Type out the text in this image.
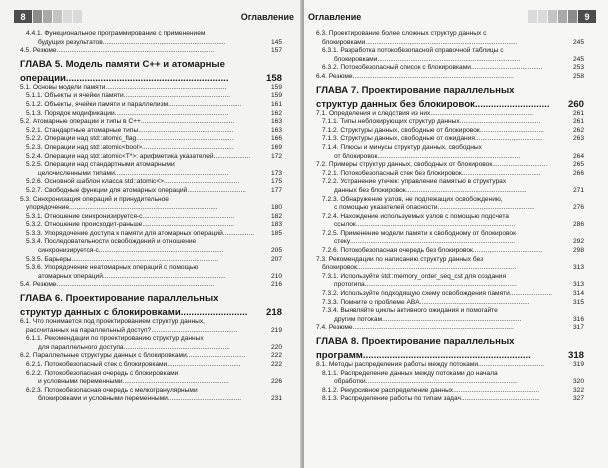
8	Оглавление
4.4.1. Функциональное программирование с применением
будущих результатов...................................................................	145
4.5. Резюме......................................................................................	157
ГЛАВА 5. Модель памяти С++ и атомарные
операции.............................................................	158
5.1. Основы модели памяти..................................................................	159
5.1.1. Объекты и ячейки памяти..........................................................	159
5.1.2. Объекты, ячейки памяти и параллелизм........................................	161
5.1.3. Порядок модификации..............................................................	162
5.2. Атомарные операции и типы в С++...................................................	163
5.2.1. Стандартные атомарные типы....................................................	163
5.2.2. Операции над std::atomic_flag.....................................................	166
5.2.3. Операции над std::atomic<bool>..................................................	169
5.2.4. Операции над std::atomic<T*>: арифметика указателей....................	172
5.2.5. Операции над стандартными атомарными
целочисленными типами..............................................................	173
5.2.6. Основной шаблон класса std::atomic<>.........................................	175
5.2.7. Свободные функции для атомарных операций................................	177
5.3. Синхронизация операций и принудительное
упорядочение.................................................................................	180
5.3.1. Отношение синхронизируется-с..................................................	182
5.3.2. Отношение происходит-раньше..................................................	183
5.3.3. Упорядочение доступа к памяти для атомарных операций.................	185
5.3.4. Последовательности освобождений и отношение
синхронизируется-с....................................................................	205
5.3.5. Барьеры................................................................................	207
5.3.6. Упорядочение неатомарных операций с помощью
атомарных операций...................................................................	210
5.4. Резюме......................................................................................	216
ГЛАВА 6. Проектирование параллельных
структур данных с блокировками......................... 218
6.1. Что понимается под проектированием структур данных,
рассчитанных на параллельный доступ?...............................................	219
6.1.1. Рекомендации по проектированию структур данных
для параллельного доступа..........................................................	220
6.2. Параллельные структуры данных с блокировками................................	222
6.2.1. Потокобезопасный стек с блокировками........................................	222
6.2.2. Потокобезопасная очередь с блокировками
и условными переменными..........................................................	226
6.2.3. Потокобезопасная очередь с мелкогранулярными
блокировками и условными переменными........................................	231
Оглавление	9
6.3. Проектирование более сложных структур данных с
блокировками...................................................................................	245
6.3.1. Разработка потокобезопасной справочной таблицы с
блокировками..............................................................................	245
6.3.2. Потокобезопасный список с блокировками.......................................	253
6.4. Резюме........................................................................................	258
ГЛАВА 7. Проектирование параллельных
структур данных без блокировок............................ 260
7.1. Определения и следствия из них........................................................	261
7.1.1. Типы неблокирующих структур данных............................................	261
7.1.2. Структуры данных, свободные от блокировок...................................	262
7.1.3. Структуры данных, свободные от ожидания.....................................	263
7.1.4. Плюсы и минусы структур данных, свободных
от блокировок..............................................................................	264
7.2. Примеры структур данных, свободных от блокировок..............................	265
7.2.1. Потокобезопасный стек без блокировок...........................................	266
7.2.2. Устранение утечек: управление памятью в структурах
данных без блокировок..................................................................	271
7.2.3. Обнаружение узлов, не подлежащих освобождению,
с помощью указателей опасности.....................................................	276
7.2.4. Нахождение используемых узлов с помощью подсчета
ссылок.......................................................................................	286
7.2.5. Применение модели памяти к свободному от блокировок
стеку..........................................................................................	292
7.2.6. Потокобезопасная очередь без блокировок......................................	298
7.3. Рекомендации по написанию структур данных без
блокировок.......................................................................................	313
7.3.1. Используйте std::memory_order_seq_cst для создания
протогипа...................................................................................	313
7.3.2. Используйте подходящую схему освобождения памяти.......................	314
7.3.3. Помните о проблеме ABA............................................................	315
7.3.4. Выявляйте циклы активного ожидания и помогайте
другим потокам............................................................................	316
7.4. Резюме........................................................................................	317
ГЛАВА 8. Проектирование параллельных
программ...............................................................	318
8.1. Методы распределения работы между потоками....................................	319
8.1.1. Распределение данных между потоками до начала
обработки...................................................................................	320
8.1.2. Рекурсивное распределение данных...............................................	322
8.1.3. Распределение работы по типам задач...........................................	327
